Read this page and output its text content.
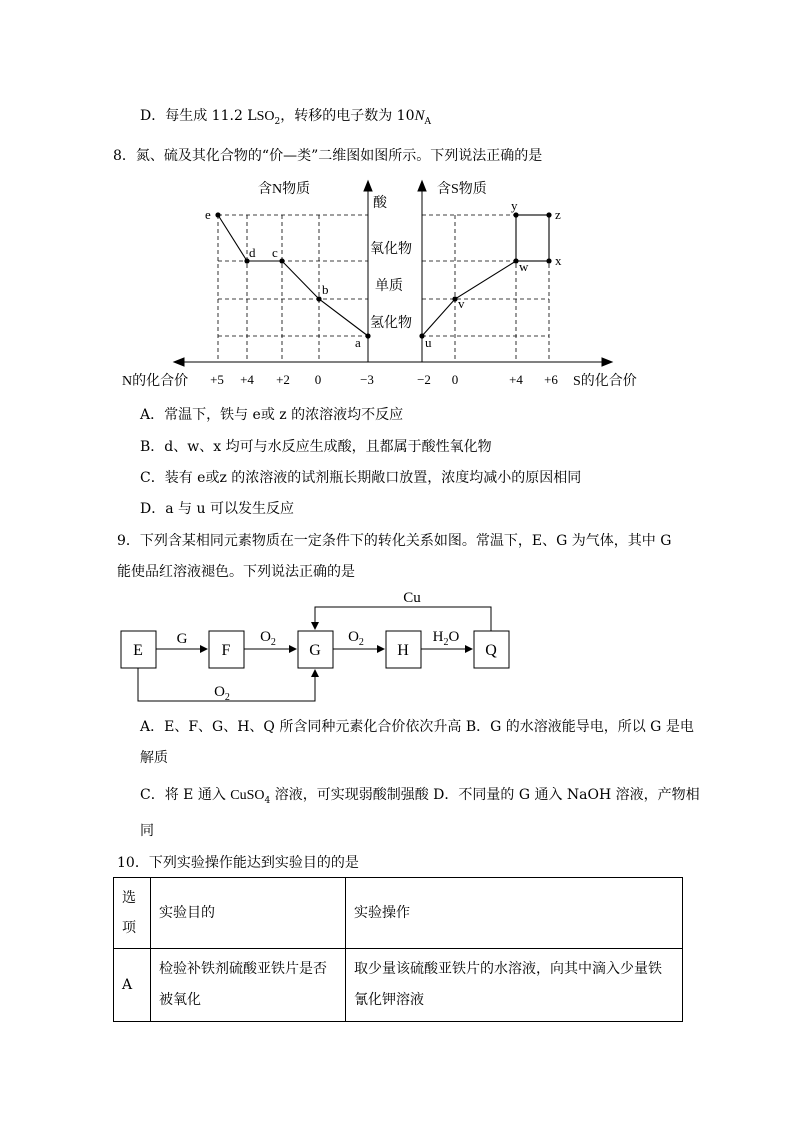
D．每生成 11.2 $LSO_2$，转移的电子数为 $10N_A$
8．氮、硫及其化合物的“价—类”二维图如图所示。下列说法正确的是
e
d c
b
a	u
v
w x
y
z
含N物质	含S物质
酸
氧化物
单质
氢化物
N的化合价	S的化合价
+5 +4 +2 0	−3	−2 0	+4 +6
A．常温下，铁与 e或 z 的浓溶液均不反应
B．d、w、x 均可与水反应生成酸，且都属于酸性氧化物
C．装有 e或z 的浓溶液的试剂瓶长期敞口放置，浓度均减小的原因相同
D．a 与 u 可以发生反应
9．下列含某相同元素物质在一定条件下的转化关系如图。常温下，E、G 为气体，其中 G
能使品红溶液褪色。下列说法正确的是
E	F	G	H	Q
G	$O_2$	$O_2$	$H_2O$
Cu
$O_2$
A．E、F、G、H、Q 所含同种元素化合价依次升高 B．G 的水溶液能导电，所以 G 是电
解质
C．将 E 通入 CuSO$_4$ 溶液，可实现弱酸制强酸 D．不同量的 G 通入 NaOH 溶液，产物相
同
10．下列实验操作能达到实验目的的是
选项	实验目的	实验操作
A	检验补铁剂硫酸亚铁片是否被氧化	取少量该硫酸亚铁片的水溶液，向其中滴入少量铁氰化钾溶液
